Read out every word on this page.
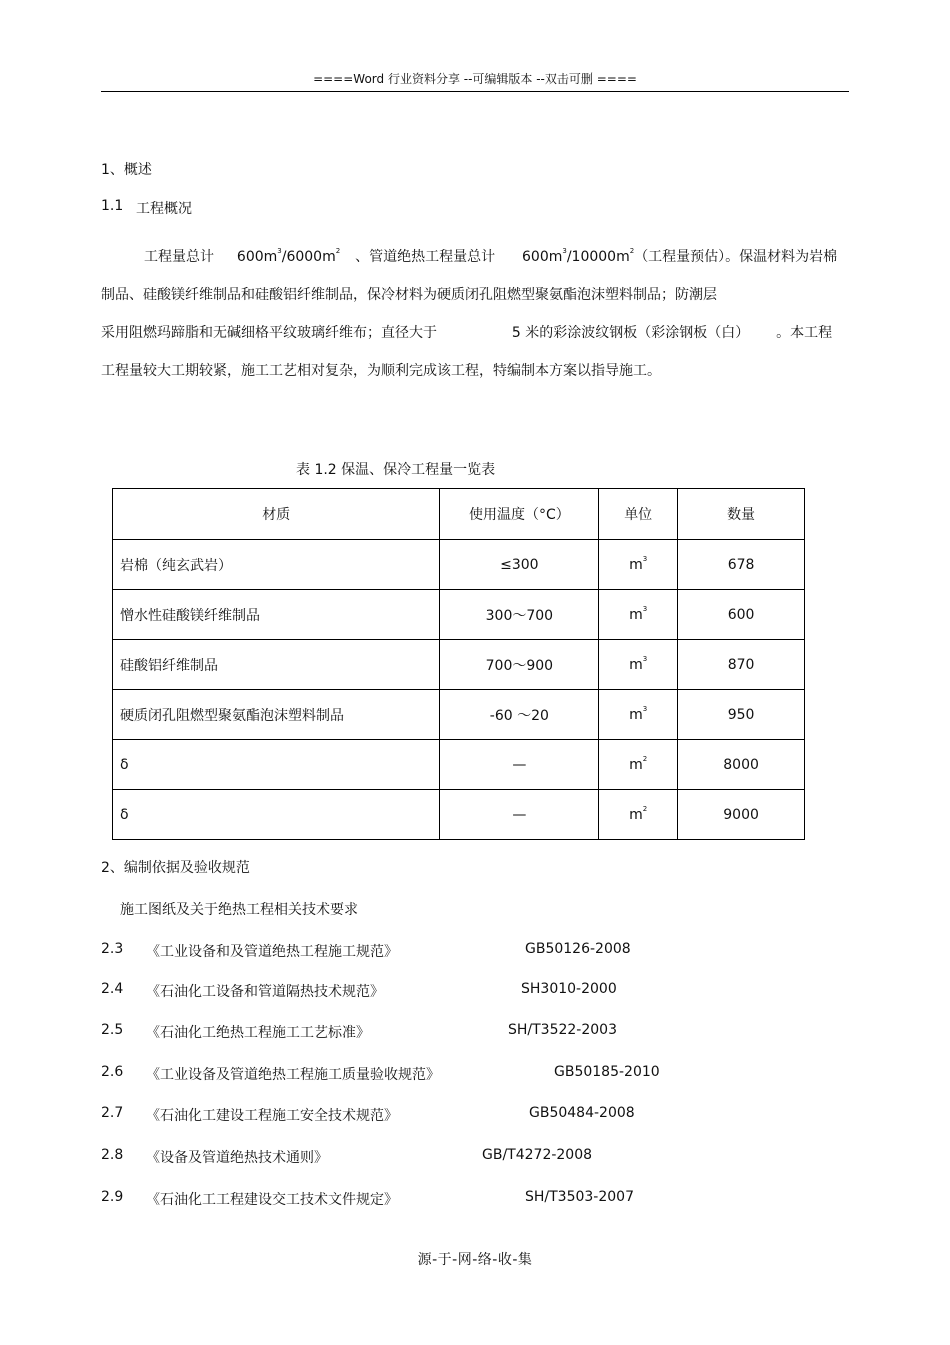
====Word 行业资料分享 --可编辑版本 --双击可删 ====
1、概述
1.1 工程概况
工程量总计 $600m^3/6000m^2$ 、管道绝热工程量总计 $600m^3/10000m^2$（工程量预估）。保温材料为岩棉
制品、硅酸镁纤维制品和硅酸铝纤维制品，保冷材料为硬质闭孔阻燃型聚氨酯泡沫塑料制品；防潮层
采用阻燃玛蹄脂和无碱细格平纹玻璃纤维布；直径大于	5 米的彩涂波纹钢板（彩涂钢板（白） 。本工程
工程量较大工期较紧，施工工艺相对复杂，为顺利完成该工程，特编制本方案以指导施工。
表 1.2 保温、保冷工程量一览表
材质	使用温度（°C）	单位	数量
岩棉（纯玄武岩）	≤300	$m^3$	678
憎水性硅酸镁纤维制品	300～700	$m^3$	600
硅酸铝纤维制品	700～900	$m^3$	870
硬质闭孔阻燃型聚氨酯泡沫塑料制品	-60 ～20	$m^3$	950
δ	—	$m^2$	8000
δ	—	$m^2$	9000
2、编制依据及验收规范
施工图纸及关于绝热工程相关技术要求
2.3 《工业设备和及管道绝热工程施工规范》	GB50126-2008
2.4 《石油化工设备和管道隔热技术规范》	SH3010-2000
2.5 《石油化工绝热工程施工工艺标准》	SH/T3522-2003
2.6 《工业设备及管道绝热工程施工质量验收规范》	GB50185-2010
2.7 《石油化工建设工程施工安全技术规范》	GB50484-2008
2.8 《设备及管道绝热技术通则》	GB/T4272-2008
2.9 《石油化工工程建设交工技术文件规定》	SH/T3503-2007
源-于-网-络-收-集
